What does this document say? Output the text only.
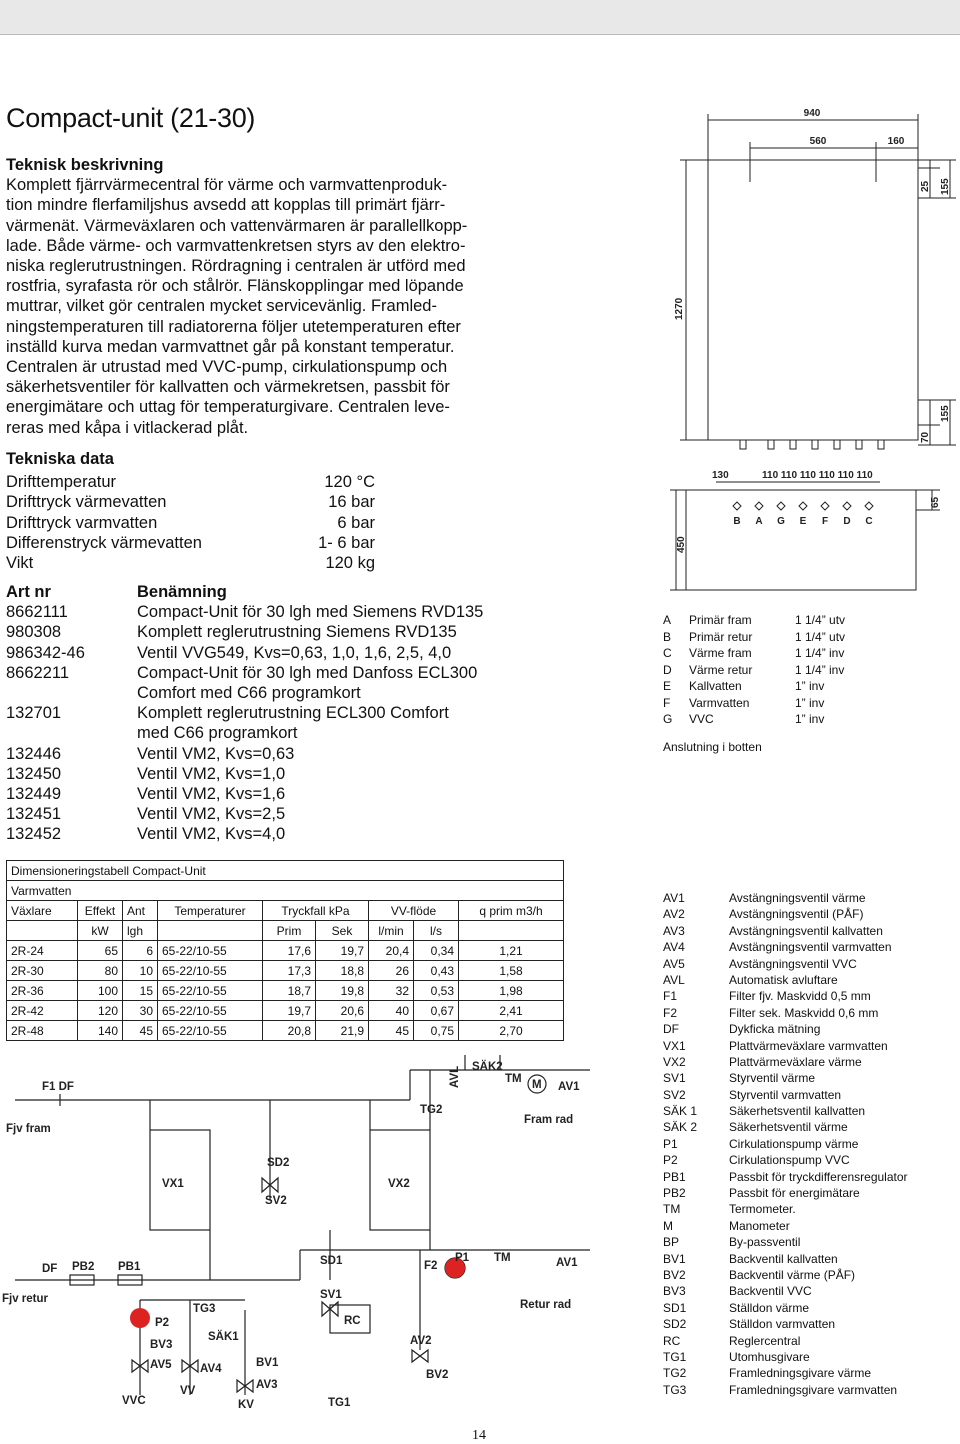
Compact-unit (21-30)
Teknisk beskrivning
Komplett fjärrvärmecentral för värme och varmvattenproduk-
tion mindre flerfamiljshus avsedd att kopplas till primärt fjärr-
värmenät. Värmeväxlaren och vattenvärmaren är parallellkopp-
lade. Både värme- och varmvattenkretsen styrs av den elektro-
niska reglerutrustningen. Rördragning i centralen är utförd med
rostfria, syrafasta rör och stålrör. Flänskopplingar med löpande
muttrar, vilket gör centralen mycket servicevänlig. Framled-
ningstemperaturen till radiatorerna följer utetemperaturen efter
inställd kurva medan varmvattnet går på konstant temperatur.
Centralen är utrustad med VVC-pump, cirkulationspump och
säkerhetsventiler för kallvatten och värmekretsen, passbit för
energimätare och uttag för temperaturgivare. Centralen leve-
reras med kåpa i vitlackerad plåt.
Tekniska data
Drifttemperatur	120 °C
Drifttryck värmevatten	16 bar
Drifttryck varmvatten	6 bar
Differenstryck värmevatten	1- 6 bar
Vikt	120 kg
Art nr	Benämning
8662111	Compact-Unit för 30 lgh med Siemens RVD135
980308	Komplett reglerutrustning Siemens RVD135
986342-46	Ventil VVG549, Kvs=0,63, 1,0, 1,6, 2,5, 4,0
8662211	Compact-Unit för 30 lgh med Danfoss ECL300
Comfort med C66 programkort
132701	Komplett reglerutrustning ECL300 Comfort
med C66 programkort
132446	Ventil VM2, Kvs=0,63
132450	Ventil VM2, Kvs=1,0
132449	Ventil VM2, Kvs=1,6
132451	Ventil VM2, Kvs=2,5
132452	Ventil VM2, Kvs=4,0
940
560	160
25 155
1270
70
155
130	110 110 110 110 110 110
65
450
B A G E F D C
A	Primär fram	1 1/4” utv
B	Primär retur	1 1/4” utv
C	Värme fram	1 1/4” inv
D	Värme retur	1 1/4” inv
E	Kallvatten	1” inv
F	Varmvatten	1” inv
G	VVC	1” inv
Anslutning i botten
Dimensioneringstabell Compact-Unit								
Varmvatten								
Växlare	Effekt	Ant	Temperaturer	Tryckfall kPa		VV-flöde		q prim m3/h
	kW	lgh		Prim	Sek	l/min	l/s	
2R-24	65	6	65-22/10-55	17,6	19,7	20,4	0,34	1,21
2R-30	80	10	65-22/10-55	17,3	18,8	26	0,43	1,58
2R-36	100	15	65-22/10-55	18,7	19,8	32	0,53	1,98
2R-42	120	30	65-22/10-55	19,7	20,6	40	0,67	2,41
2R-48	140	45	65-22/10-55	20,8	21,9	45	0,75	2,70
AV1	Avstängningsventil värme
AV2	Avstängningsventil (PÅF)
AV3	Avstängningsventil kallvatten
AV4	Avstängningsventil varmvatten
AV5	Avstängningsventil VVC
AVL	Automatisk avluftare
F1	Filter fjv. Maskvidd 0,5 mm
F2	Filter sek. Maskvidd 0,6 mm
DF	Dykficka mätning
VX1	Plattvärmeväxlare varmvatten
VX2	Plattvärmeväxlare värme
SV1	Styrventil värme
SV2	Styrventil varmvatten
SÄK 1	Säkerhetsventil kallvatten
SÄK 2	Säkerhetsventil värme
P1	Cirkulationspump värme
P2	Cirkulationspump VVC
PB1	Passbit för tryckdifferensregulator
PB2	Passbit för energimätare
TM	Termometer.
M	Manometer
BP	By-passventil
BV1	Backventil kallvatten
BV2	Backventil värme (PÅF)
BV3	Backventil VVC
SD1	Ställdon värme
SD2	Ställdon varmvatten
RC	Reglercentral
TG1	Utomhusgivare
TG2	Framledningsgivare värme
TG3	Framledningsgivare varmvatten
F1 DF
Fjv fram
Fjv retur
DF PB2 PB1
VX1	VX2
SD2
SV2
SD1
SV1
RC
AVL SÄK2
TM M AV1
TG2
Fram rad
F2
P1 TM	AV1
Retur rad
P2
TG3
BV3
SÄK1
AV5 AV4	BV1
AV3
VV
VVC	KV	TG1
AV2
BV2
14
